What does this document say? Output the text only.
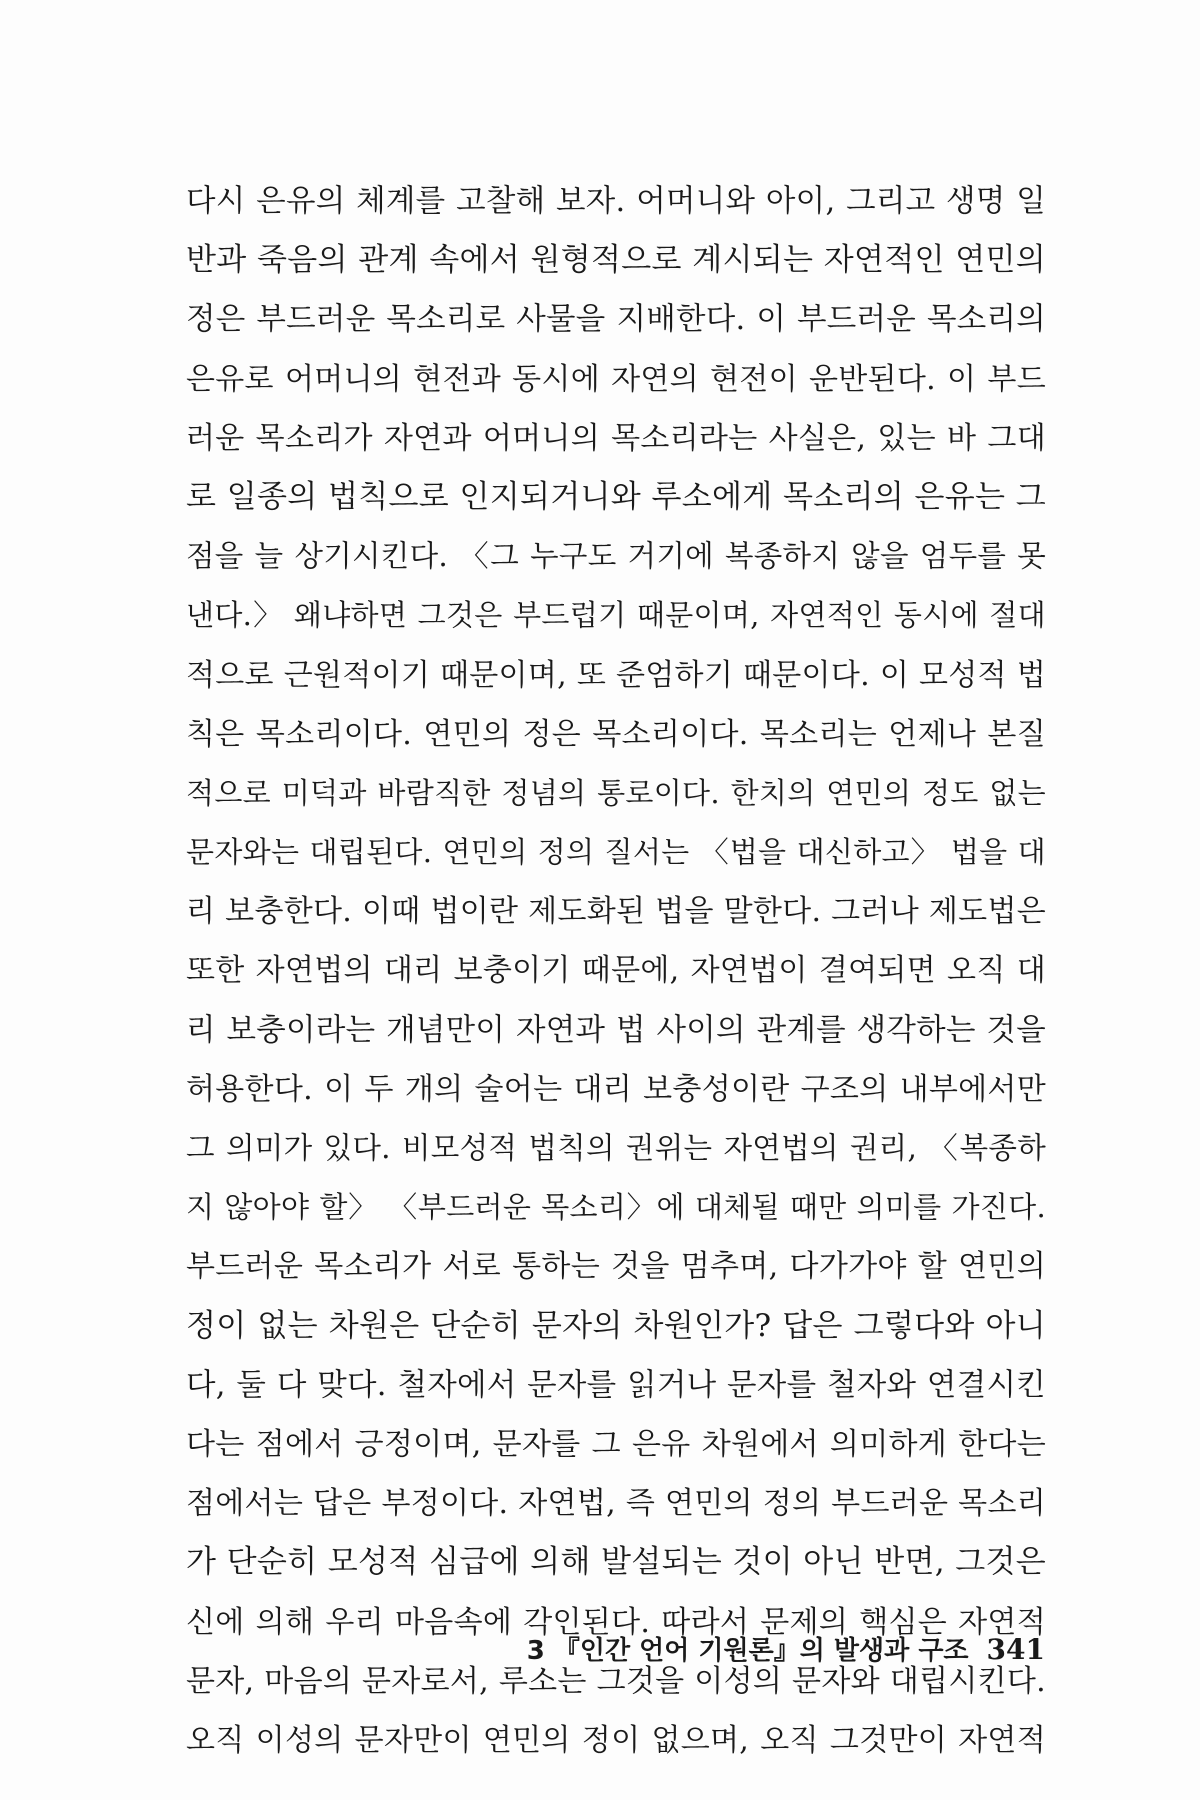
다시 은유의 체계를 고찰해 보자. 어머니와 아이, 그리고 생명 일
반과 죽음의 관계 속에서 원형적으로 계시되는 자연적인 연민의
정은 부드러운 목소리로 사물을 지배한다. 이 부드러운 목소리의
은유로 어머니의 현전과 동시에 자연의 현전이 운반된다. 이 부드
러운 목소리가 자연과 어머니의 목소리라는 사실은, 있는 바 그대
로 일종의 법칙으로 인지되거니와 루소에게 목소리의 은유는 그
점을 늘 상기시킨다. 〈그 누구도 거기에 복종하지 않을 엄두를 못
낸다.〉 왜냐하면 그것은 부드럽기 때문이며, 자연적인 동시에 절대
적으로 근원적이기 때문이며, 또 준엄하기 때문이다. 이 모성적 법
칙은 목소리이다. 연민의 정은 목소리이다. 목소리는 언제나 본질
적으로 미덕과 바람직한 정념의 통로이다. 한치의 연민의 정도 없는
문자와는 대립된다. 연민의 정의 질서는 〈법을 대신하고〉 법을 대
리 보충한다. 이때 법이란 제도화된 법을 말한다. 그러나 제도법은
또한 자연법의 대리 보충이기 때문에, 자연법이 결여되면 오직 대
리 보충이라는 개념만이 자연과 법 사이의 관계를 생각하는 것을
허용한다. 이 두 개의 술어는 대리 보충성이란 구조의 내부에서만
그 의미가 있다. 비모성적 법칙의 권위는 자연법의 권리, 〈복종하
지 않아야 할〉 〈부드러운 목소리〉에 대체될 때만 의미를 가진다.
부드러운 목소리가 서로 통하는 것을 멈추며, 다가가야 할 연민의
정이 없는 차원은 단순히 문자의 차원인가? 답은 그렇다와 아니
다, 둘 다 맞다. 철자에서 문자를 읽거나 문자를 철자와 연결시킨
다는 점에서 긍정이며, 문자를 그 은유 차원에서 의미하게 한다는
점에서는 답은 부정이다. 자연법, 즉 연민의 정의 부드러운 목소리
가 단순히 모성적 심급에 의해 발설되는 것이 아닌 반면, 그것은
신에 의해 우리 마음속에 각인된다. 따라서 문제의 핵심은 자연적
문자, 마음의 문자로서, 루소는 그것을 이성의 문자와 대립시킨다.
오직 이성의 문자만이 연민의 정이 없으며, 오직 그것만이 자연적
3 『인간 언어 기원론』의 발생과 구조 341
